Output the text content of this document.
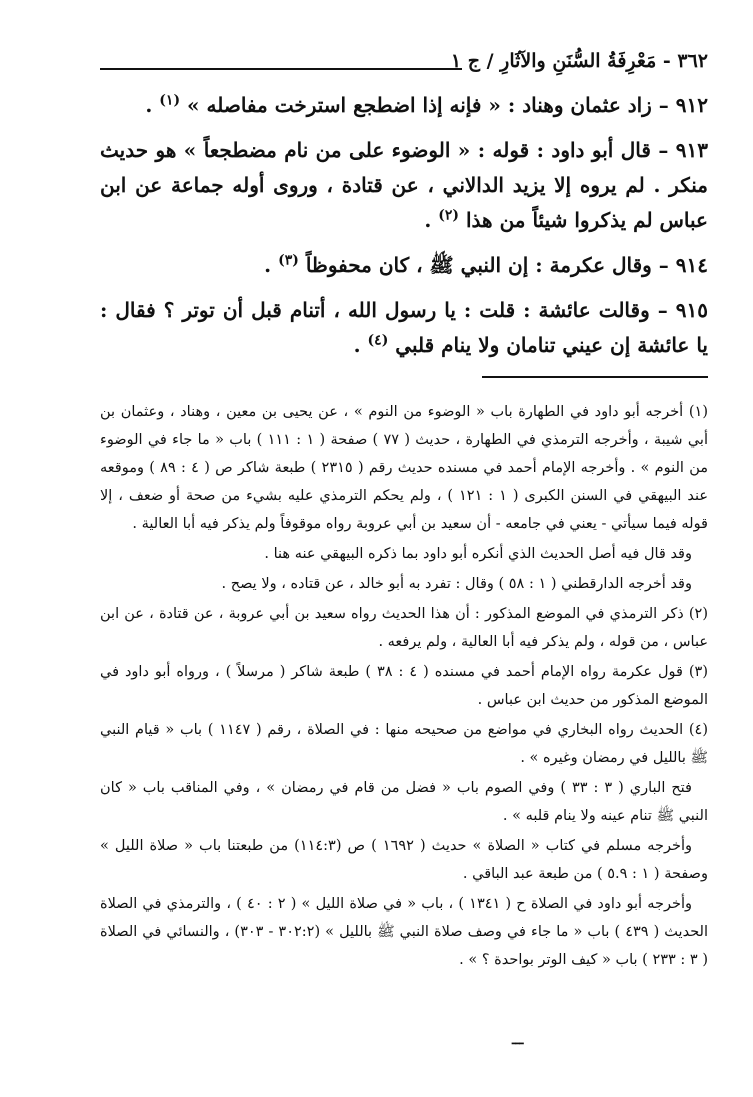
٣٦٢ - مَعْرِفَةُ السُّنَنِ والآثَارِ / ج ١

٩١٢ – زاد عثمان وهناد : « فإنه إذا اضطجع استرخت مفاصله » $^{(١)}$ .

٩١٣ – قال أبو داود : قوله : « الوضوء على من نام مضطجعاً » هو حديث منكر . لم يروه إلا يزيد الدالاني ، عن قتادة ، وروى أوله جماعة عن ابن عباس لم يذكروا شيئاً من هذا $^{(٢)}$ .

٩١٤ – وقال عكرمة : إن النبي ﷺ ، كان محفوظاً $^{(٣)}$ .

٩١٥ – وقالت عائشة : قلت : يا رسول الله ، أتنام قبل أن توتر ؟ فقال : يا عائشة إن عيني تنامان ولا ينام قلبي $^{(٤)}$ .

(١) أخرجه أبو داود في الطهارة باب « الوضوء من النوم » ، عن يحيى بن معين ، وهناد ، وعثمان بن أبي شيبة ، وأخرجه الترمذي في الطهارة ، حديث ( ٧٧ ) صفحة ( ١ : ١١١ ) باب « ما جاء في الوضوء من النوم » . وأخرجه الإمام أحمد في مسنده حديث رقم ( ٢٣١٥ ) طبعة شاكر ص ( ٤ : ٨٩ ) وموقعه عند البيهقي في السنن الكبرى ( ١ : ١٢١ ) ، ولم يحكم الترمذي عليه بشيء من صحة أو ضعف ، إلا قوله فيما سيأتي - يعني في جامعه - أن سعيد بن أبي عروبة رواه موقوفاً ولم يذكر فيه أبا العالية .

وقد قال فيه أصل الحديث الذي أنكره أبو داود بما ذكره البيهقي عنه هنا .

وقد أخرجه الدارقطني ( ١ : ٥٨ ) وقال : تفرد به أبو خالد ، عن قتاده ، ولا يصح .

(٢) ذكر الترمذي في الموضع المذكور : أن هذا الحديث رواه سعيد بن أبي عروبة ، عن قتادة ، عن ابن عباس ، من قوله ، ولم يذكر فيه أبا العالية ، ولم يرفعه .

(٣) قول عكرمة رواه الإمام أحمد في مسنده ( ٤ : ٣٨ ) طبعة شاكر ( مرسلاً ) ، ورواه أبو داود في الموضع المذكور من حديث ابن عباس .

(٤) الحديث رواه البخاري في مواضع من صحيحه منها : في الصلاة ، رقم ( ١١٤٧ ) باب « قيام النبي ﷺ بالليل في رمضان وغيره » .

فتح الباري ( ٣ : ٣٣ ) وفي الصوم باب « فضل من قام في رمضان » ، وفي المناقب باب « كان النبي ﷺ تنام عينه ولا ينام قلبه » .

وأخرجه مسلم في كتاب « الصلاة » حديث ( ١٦٩٢ ) ص (١١٤:٣) من طبعتنا باب « صلاة الليل » وصفحة ( ١ : ٥.٩ ) من طبعة عبد الباقي .

وأخرجه أبو داود في الصلاة ح ( ١٣٤١ ) ، باب « في صلاة الليل » ( ٢ : ٤٠ ) ، والترمذي في الصلاة الحديث ( ٤٣٩ ) باب « ما جاء في وصف صلاة النبي ﷺ بالليل » (٣٠٢:٢ - ٣٠٣) ، والنسائي في الصلاة ( ٣ : ٢٣٣ ) باب « كيف الوتر بواحدة ؟ » .

ـــ
